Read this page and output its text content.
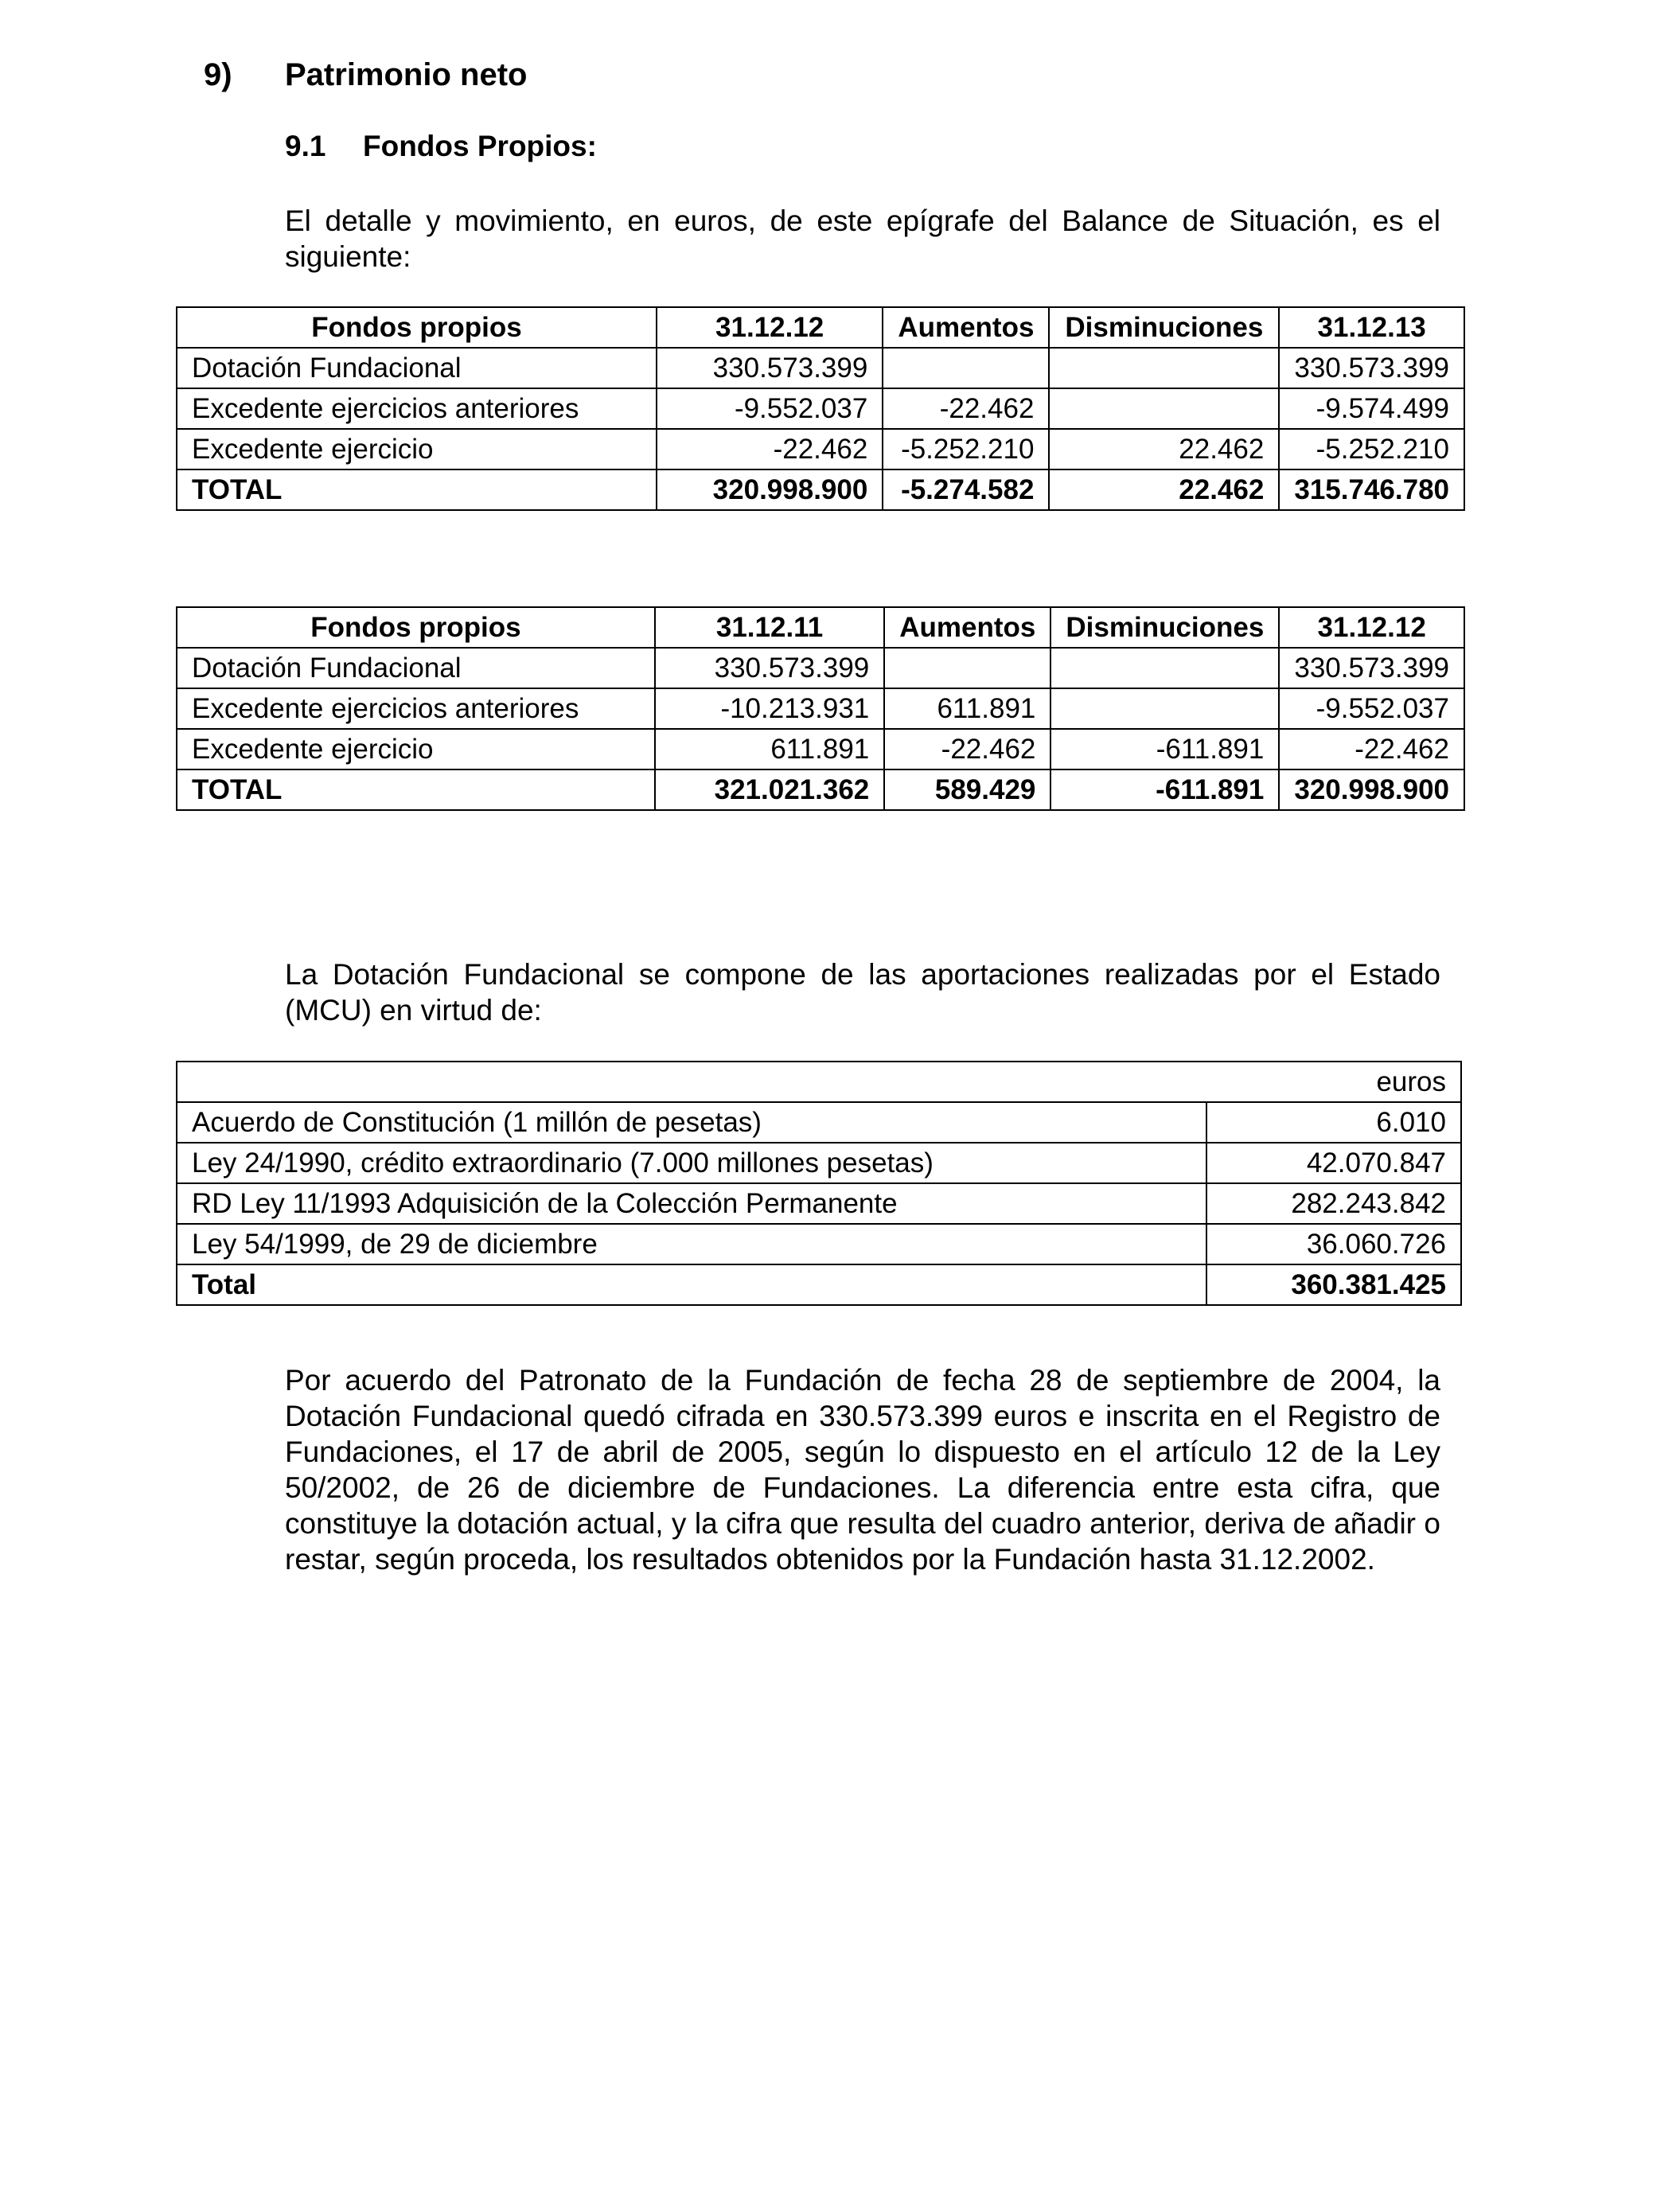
9) Patrimonio neto
9.1 Fondos Propios:

El detalle y movimiento, en euros, de este epígrafe del Balance de Situación, es el siguiente:

Fondos propios	31.12.12	Aumentos	Disminuciones	31.12.13
Dotación Fundacional	330.573.399			330.573.399
Excedente ejercicios anteriores	-9.552.037	-22.462		-9.574.499
Excedente ejercicio	-22.462	-5.252.210	22.462	-5.252.210
TOTAL	320.998.900	-5.274.582	22.462	315.746.780
Fondos propios	31.12.11	Aumentos	Disminuciones	31.12.12
Dotación Fundacional	330.573.399			330.573.399
Excedente ejercicios anteriores	-10.213.931	611.891		-9.552.037
Excedente ejercicio	611.891	-22.462	-611.891	-22.462
TOTAL	321.021.362	589.429	-611.891	320.998.900

La Dotación Fundacional se compone de las aportaciones realizadas por el Estado (MCU) en virtud de:

euros	
Acuerdo de Constitución (1 millón de pesetas)	6.010
Ley 24/1990, crédito extraordinario (7.000 millones pesetas)	42.070.847
RD Ley 11/1993 Adquisición de la Colección Permanente	282.243.842
Ley 54/1999, de 29 de diciembre	36.060.726
Total	360.381.425

Por acuerdo del Patronato de la Fundación de fecha 28 de septiembre de 2004, la Dotación Fundacional quedó cifrada en 330.573.399 euros e inscrita en el Registro de Fundaciones, el 17 de abril de 2005, según lo dispuesto en el artículo 12 de la Ley 50/2002, de 26 de diciembre de Fundaciones. La diferencia entre esta cifra, que constituye la dotación actual, y la cifra que resulta del cuadro anterior, deriva de añadir o restar, según proceda, los resultados obtenidos por la Fundación hasta 31.12.2002.
